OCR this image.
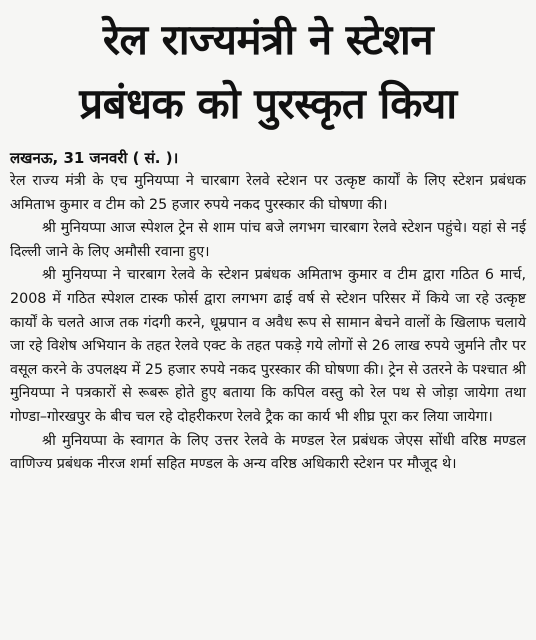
रेल राज्यमंत्री ने स्टेशन
प्रबंधक को पुरस्कृत किया

लखनऊ, 31 जनवरी ( सं. )।

रेल राज्य मंत्री के एच मुनियप्पा ने चारबाग रेलवे स्टेशन पर उत्कृष्ट कार्यों के लिए स्टेशन प्रबंधक अमिताभ कुमार व टीम को 25 हजार रुपये नकद पुरस्कार की घोषणा की।

श्री मुनियप्पा आज स्पेशल ट्रेन से शाम पांच बजे लगभग चारबाग रेलवे स्टेशन पहुंचे। यहां से नई दिल्ली जाने के लिए अमौसी रवाना हुए।

श्री मुनियप्पा ने चारबाग रेलवे के स्टेशन प्रबंधक अमिताभ कुमार व टीम द्वारा गठित 6 मार्च, 2008 में गठित स्पेशल टास्क फोर्स द्वारा लगभग ढाई वर्ष से स्टेशन परिसर में किये जा रहे उत्कृष्ट कार्यों के चलते आज तक गंदगी करने, धूम्रपान व अवैध रूप से सामान बेचने वालों के खिलाफ चलाये जा रहे विशेष अभियान के तहत रेलवे एक्ट के तहत पकड़े गये लोगों से 26 लाख रुपये जुर्माने तौर पर वसूल करने के उपलक्ष्य में 25 हजार रुपये नकद पुरस्कार की घोषणा की। ट्रेन से उतरने के पश्चात श्री मुनियप्पा ने पत्रकारों से रूबरू होते हुए बताया कि कपिल वस्तु को रेल पथ से जोड़ा जायेगा तथा गोण्डा–गोरखपुर के बीच चल रहे दोहरीकरण रेलवे ट्रैक का कार्य भी शीघ्र पूरा कर लिया जायेगा।

श्री मुनियप्पा के स्वागत के लिए उत्तर रेलवे के मण्डल रेल प्रबंधक जेएस सोंधी वरिष्ठ मण्डल वाणिज्य प्रबंधक नीरज शर्मा सहित मण्डल के अन्य वरिष्ठ अधिकारी स्टेशन पर मौजूद थे।
